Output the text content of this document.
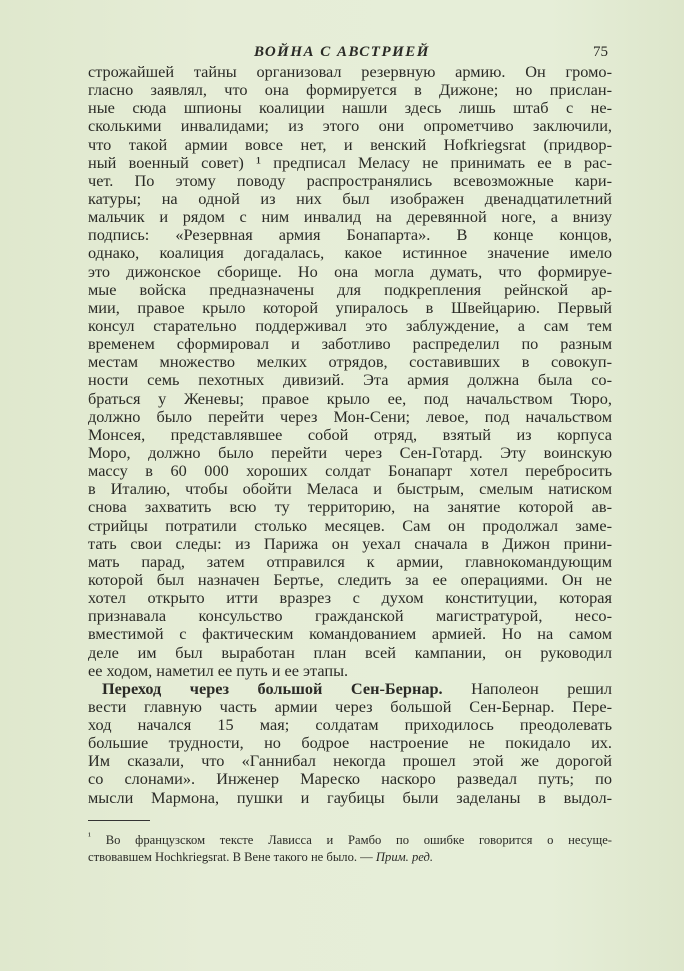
ВОЙНА С АВСТРИЕЙ	75
строжайшей тайны организовал резервную армию. Он громо-
гласно заявлял, что она формируется в Дижоне; но прислан-
ные сюда шпионы коалиции нашли здесь лишь штаб с не-
сколькими инвалидами; из этого они опрометчиво заключили,
что такой армии вовсе нет, и венский Hofkriegsrat (придвор-
ный военный совет) ¹ предписал Меласу не принимать ее в рас-
чет. По этому поводу распространялись всевозможные кари-
катуры; на одной из них был изображен двенадцатилетний
мальчик и рядом с ним инвалид на деревянной ноге, а внизу
подпись: «Резервная армия Бонапарта». В конце концов,
однако, коалиция догадалась, какое истинное значение имело
это дижонское сборище. Но она могла думать, что формируе-
мые войска предназначены для подкрепления рейнской ар-
мии, правое крыло которой упиралось в Швейцарию. Первый
консул старательно поддерживал это заблуждение, а сам тем
временем сформировал и заботливо распределил по разным
местам множество мелких отрядов, составивших в совокуп-
ности семь пехотных дивизий. Эта армия должна была со-
браться у Женевы; правое крыло ее, под начальством Тюро,
должно было перейти через Мон-Сени; левое, под начальством
Монсея, представлявшее собой отряд, взятый из корпуса
Моро, должно было перейти через Сен-Готард. Эту воинскую
массу в 60 000 хороших солдат Бонапарт хотел перебросить
в Италию, чтобы обойти Меласа и быстрым, смелым натиском
снова захватить всю ту территорию, на занятие которой ав-
стрийцы потратили столько месяцев. Сам он продолжал заме-
тать свои следы: из Парижа он уехал сначала в Дижон прини-
мать парад, затем отправился к армии, главнокомандующим
которой был назначен Бертье, следить за ее операциями. Он не
хотел открыто итти вразрез с духом конституции, которая
признавала консульство гражданской магистратурой, несо-
вместимой с фактическим командованием армией. Но на самом
деле им был выработан план всей кампании, он руководил
ее ходом, наметил ее путь и ее этапы.
Переход через большой Сен-Бернар. Наполеон решил
вести главную часть армии через большой Сен-Бернар. Пере-
ход начался 15 мая; солдатам приходилось преодолевать
большие трудности, но бодрое настроение не покидало их.
Им сказали, что «Ганнибал некогда прошел этой же дорогой
со слонами». Инженер Мареско наскоро разведал путь; по
мысли Мармона, пушки и гаубицы были заделаны в выдол-
$^{^1}$ Во французском тексте Лависса и Рамбо по ошибке говорится о несуще-
ствовавшем Hochkriegsrat. В Вене такого не было. — Прим. ред.
